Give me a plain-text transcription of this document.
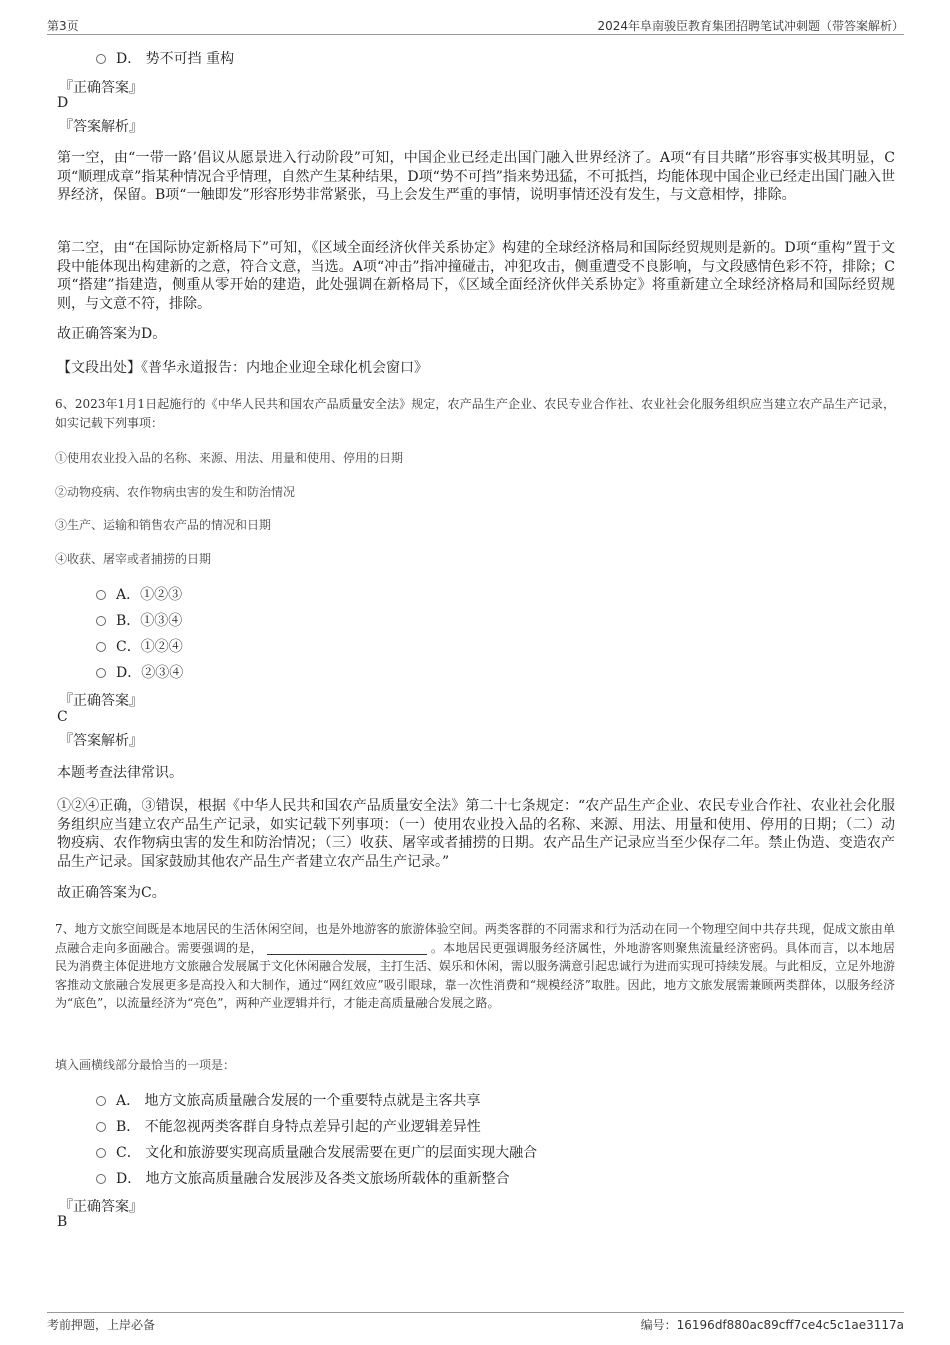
第3页	2024年阜南骏臣教育集团招聘笔试冲刺题（带答案解析）
D． 势不可挡 重构
『正确答案』
D
『答案解析』
第一空，由“一带一路’倡议从愿景进入行动阶段”可知，中国企业已经走出国门融入世界经济了。A项“有目共睹”形容事实极其明显，C项“顺理成章”指某种情况合乎情理，自然产生某种结果，D项“势不可挡”指来势迅猛，不可抵挡，均能体现中国企业已经走出国门融入世界经济，保留。B项“一触即发”形容形势非常紧张，马上会发生严重的事情，说明事情还没有发生，与文意相悖，排除。
第二空，由“在国际协定新格局下”可知，《区域全面经济伙伴关系协定》构建的全球经济格局和国际经贸规则是新的。D项“重构”置于文段中能体现出构建新的之意，符合文意，当选。A项“冲击”指冲撞碰击，冲犯攻击，侧重遭受不良影响，与文段感情色彩不符，排除；C项“搭建”指建造，侧重从零开始的建造，此处强调在新格局下，《区域全面经济伙伴关系协定》将重新建立全球经济格局和国际经贸规则，与文意不符，排除。
故正确答案为D。
【文段出处】《普华永道报告：内地企业迎全球化机会窗口》
6、2023年1月1日起施行的《中华人民共和国农产品质量安全法》规定，农产品生产企业、农民专业合作社、农业社会化服务组织应当建立农产品生产记录，如实记载下列事项：
①使用农业投入品的名称、来源、用法、用量和使用、停用的日期
②动物疫病、农作物病虫害的发生和防治情况
③生产、运输和销售农产品的情况和日期
④收获、屠宰或者捕捞的日期
A．①②③
B．①③④
C．①②④
D．②③④
『正确答案』
C
『答案解析』
本题考查法律常识。
①②④正确，③错误，根据《中华人民共和国农产品质量安全法》第二十七条规定：“农产品生产企业、农民专业合作社、农业社会化服务组织应当建立农产品生产记录，如实记载下列事项：（一）使用农业投入品的名称、来源、用法、用量和使用、停用的日期；（二）动物疫病、农作物病虫害的发生和防治情况；（三）收获、屠宰或者捕捞的日期。农产品生产记录应当至少保存二年。禁止伪造、变造农产品生产记录。国家鼓励其他农产品生产者建立农产品生产记录。”
故正确答案为C。
7、地方文旅空间既是本地居民的生活休闲空间，也是外地游客的旅游体验空间。两类客群的不同需求和行为活动在同一个物理空间中共存共现，促成文旅由单点融合走向多面融合。需要强调的是，	。本地居民更强调服务经济属性，外地游客则聚焦流量经济密码。具体而言，以本地居民为消费主体促进地方文旅融合发展属于文化休闲融合发展，主打生活、娱乐和休闲，需以服务满意引起忠诚行为进而实现可持续发展。与此相反，立足外地游客推动文旅融合发展更多是高投入和大制作，通过“网红效应”吸引眼球，靠一次性消费和“规模经济”取胜。因此，地方文旅发展需兼顾两类群体，以服务经济为“底色”，以流量经济为“亮色”，两种产业逻辑并行，才能走高质量融合发展之路。
填入画横线部分最恰当的一项是：
A． 地方文旅高质量融合发展的一个重要特点就是主客共享
B． 不能忽视两类客群自身特点差异引起的产业逻辑差异性
C． 文化和旅游要实现高质量融合发展需要在更广的层面实现大融合
D． 地方文旅高质量融合发展涉及各类文旅场所载体的重新整合
『正确答案』
B
考前押题，上岸必备	编号：16196df880ac89cff7ce4c5c1ae3117a
